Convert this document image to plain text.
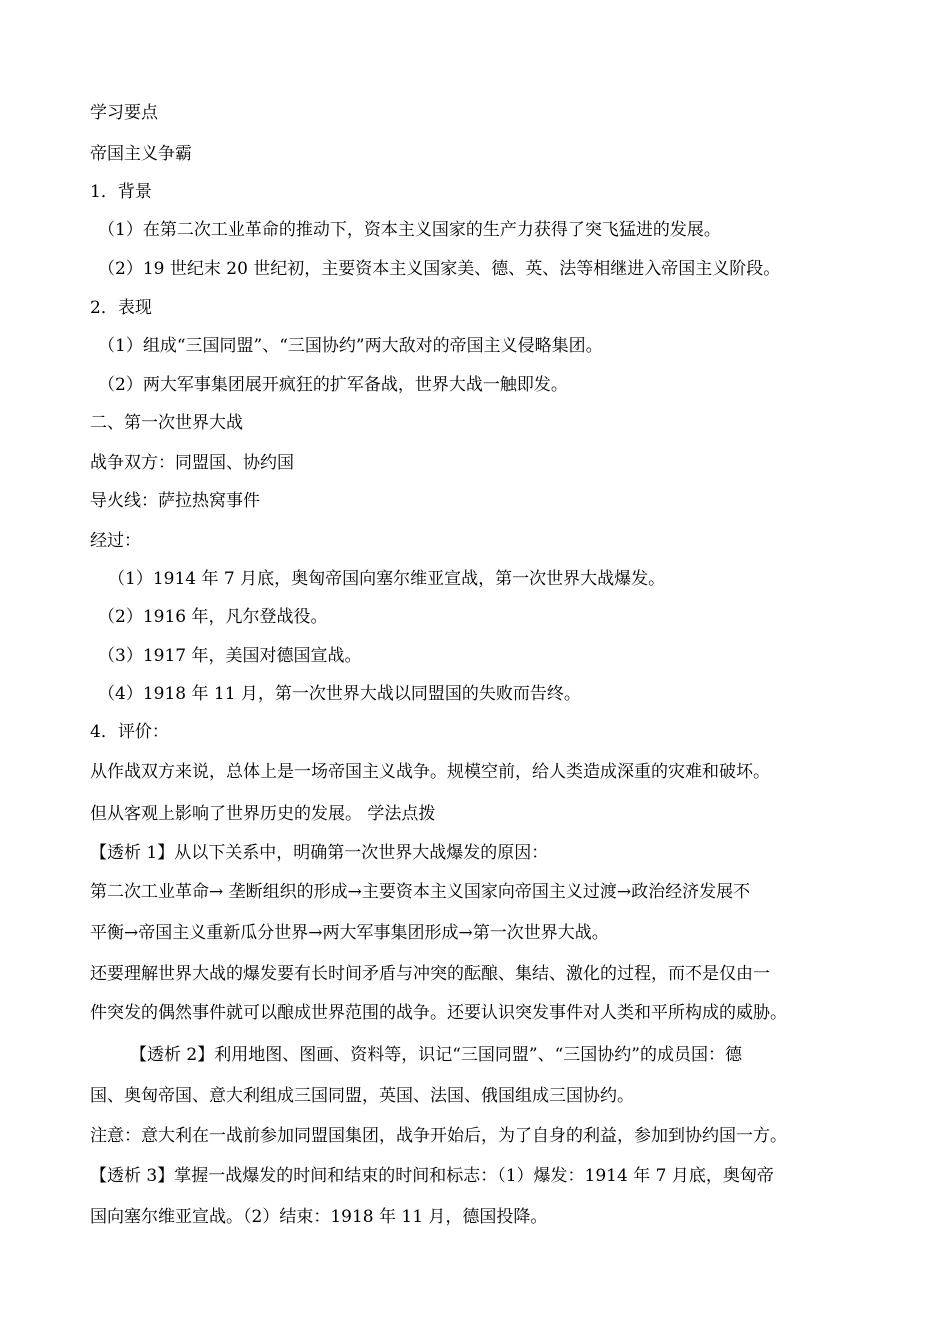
学习要点
帝国主义争霸
1．背景
（1）在第二次工业革命的推动下，资本主义国家的生产力获得了突飞猛进的发展。
（2）19 世纪末 20 世纪初，主要资本主义国家美、德、英、法等相继进入帝国主义阶段。
2．表现
（1）组成“三国同盟”、“三国协约”两大敌对的帝国主义侵略集团。
（2）两大军事集团展开疯狂的扩军备战，世界大战一触即发。
二、第一次世界大战
战争双方：同盟国、协约国
导火线：萨拉热窝事件
经过：
（1）1914 年 7 月底，奥匈帝国向塞尔维亚宣战，第一次世界大战爆发。
（2）1916 年，凡尔登战役。
（3）1917 年，美国对德国宣战。
（4）1918 年 11 月，第一次世界大战以同盟国的失败而告终。
4．评价：
从作战双方来说，总体上是一场帝国主义战争。规模空前，给人类造成深重的灾难和破坏。
但从客观上影响了世界历史的发展。 学法点拨
【透析 1】从以下关系中，明确第一次世界大战爆发的原因：
第二次工业革命→ 垄断组织的形成→主要资本主义国家向帝国主义过渡→政治经济发展不
平衡→帝国主义重新瓜分世界→两大军事集团形成→第一次世界大战。
还要理解世界大战的爆发要有长时间矛盾与冲突的酝酿、集结、激化的过程，而不是仅由一
件突发的偶然事件就可以酿成世界范围的战争。还要认识突发事件对人类和平所构成的威胁。
【透析 2】利用地图、图画、资料等，识记“三国同盟”、“三国协约”的成员国：德
国、奥匈帝国、意大利组成三国同盟，英国、法国、俄国组成三国协约。
注意：意大利在一战前参加同盟国集团，战争开始后，为了自身的利益，参加到协约国一方。
【透析 3】掌握一战爆发的时间和结束的时间和标志：（1）爆发：1914 年 7 月底，奥匈帝
国向塞尔维亚宣战。（2）结束：1918 年 11 月，德国投降。
